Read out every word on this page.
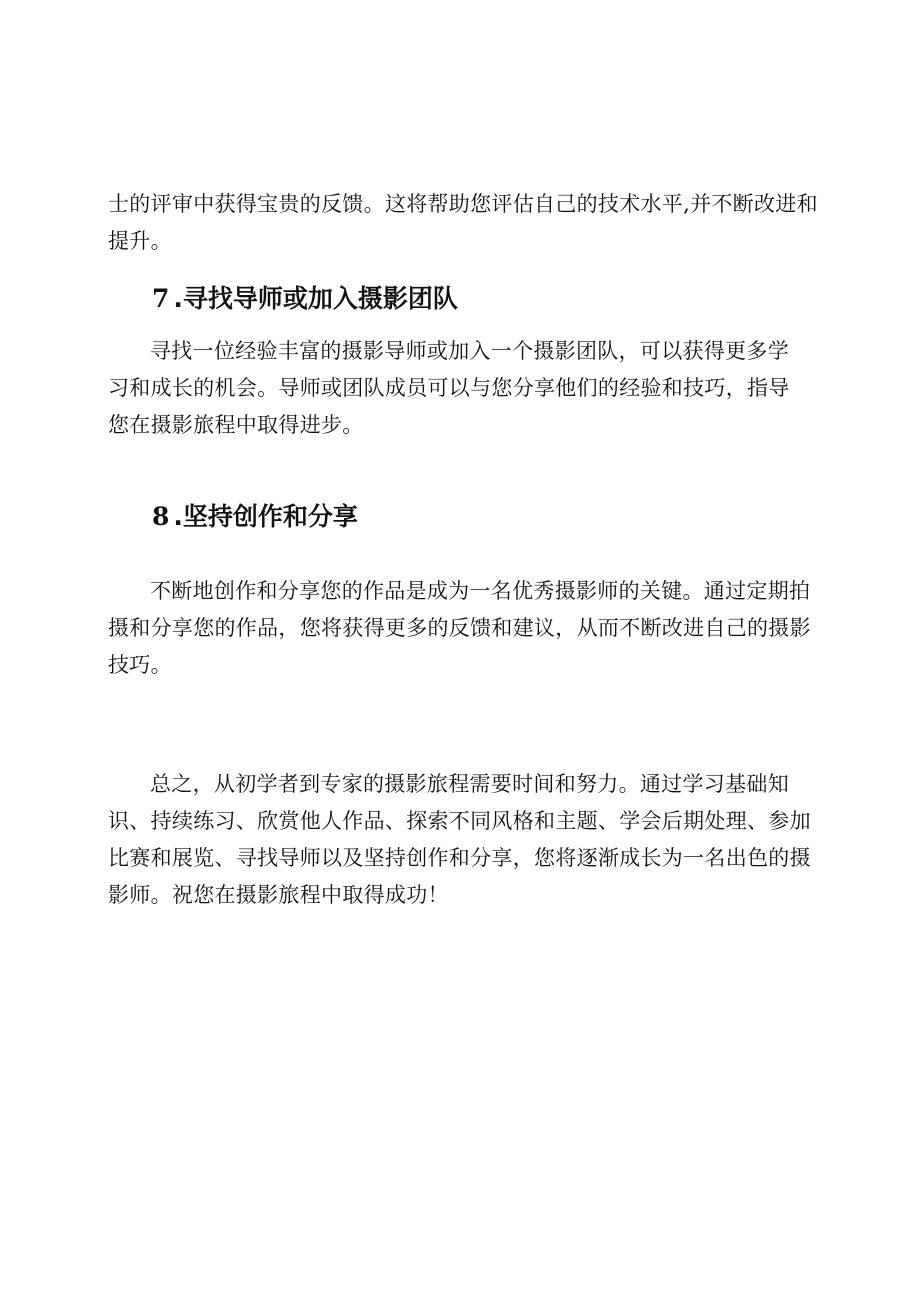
士的评审中获得宝贵的反馈。这将帮助您评估自己的技术水平,并不断改进和提升。

7 .寻找导师或加入摄影团队

寻找一位经验丰富的摄影导师或加入一个摄影团队，可以获得更多学习和成长的机会。导师或团队成员可以与您分享他们的经验和技巧，指导您在摄影旅程中取得进步。

8 .坚持创作和分享

不断地创作和分享您的作品是成为一名优秀摄影师的关键。通过定期拍摄和分享您的作品，您将获得更多的反馈和建议，从而不断改进自己的摄影技巧。

总之，从初学者到专家的摄影旅程需要时间和努力。通过学习基础知识、持续练习、欣赏他人作品、探索不同风格和主题、学会后期处理、参加比赛和展览、寻找导师以及坚持创作和分享，您将逐渐成长为一名出色的摄影师。祝您在摄影旅程中取得成功！
